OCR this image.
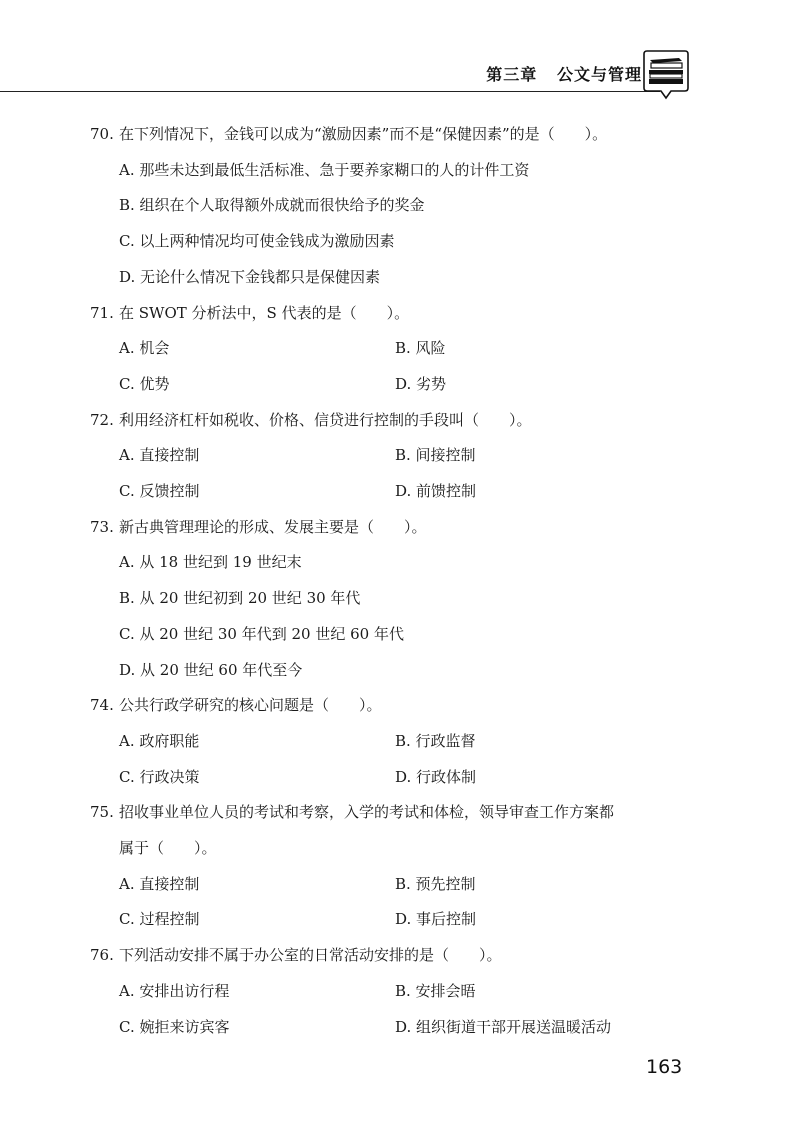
第三章 公文与管理
70. 在下列情况下，金钱可以成为“激励因素”而不是“保健因素”的是（　　）。
A. 那些未达到最低生活标准、急于要养家糊口的人的计件工资
B. 组织在个人取得额外成就而很快给予的奖金
C. 以上两种情况均可使金钱成为激励因素
D. 无论什么情况下金钱都只是保健因素
71. 在 SWOT 分析法中，S 代表的是（　　）。
A. 机会	B. 风险
C. 优势	D. 劣势
72. 利用经济杠杆如税收、价格、信贷进行控制的手段叫（　　）。
A. 直接控制	B. 间接控制
C. 反馈控制	D. 前馈控制
73. 新古典管理理论的形成、发展主要是（　　）。
A. 从 18 世纪到 19 世纪末
B. 从 20 世纪初到 20 世纪 30 年代
C. 从 20 世纪 30 年代到 20 世纪 60 年代
D. 从 20 世纪 60 年代至今
74. 公共行政学研究的核心问题是（　　）。
A. 政府职能	B. 行政监督
C. 行政决策	D. 行政体制
75. 招收事业单位人员的考试和考察，入学的考试和体检，领导审查工作方案都
属于（　　）。
A. 直接控制	B. 预先控制
C. 过程控制	D. 事后控制
76. 下列活动安排不属于办公室的日常活动安排的是（　　）。
A. 安排出访行程	B. 安排会晤
C. 婉拒来访宾客	D. 组织街道干部开展送温暖活动
163
